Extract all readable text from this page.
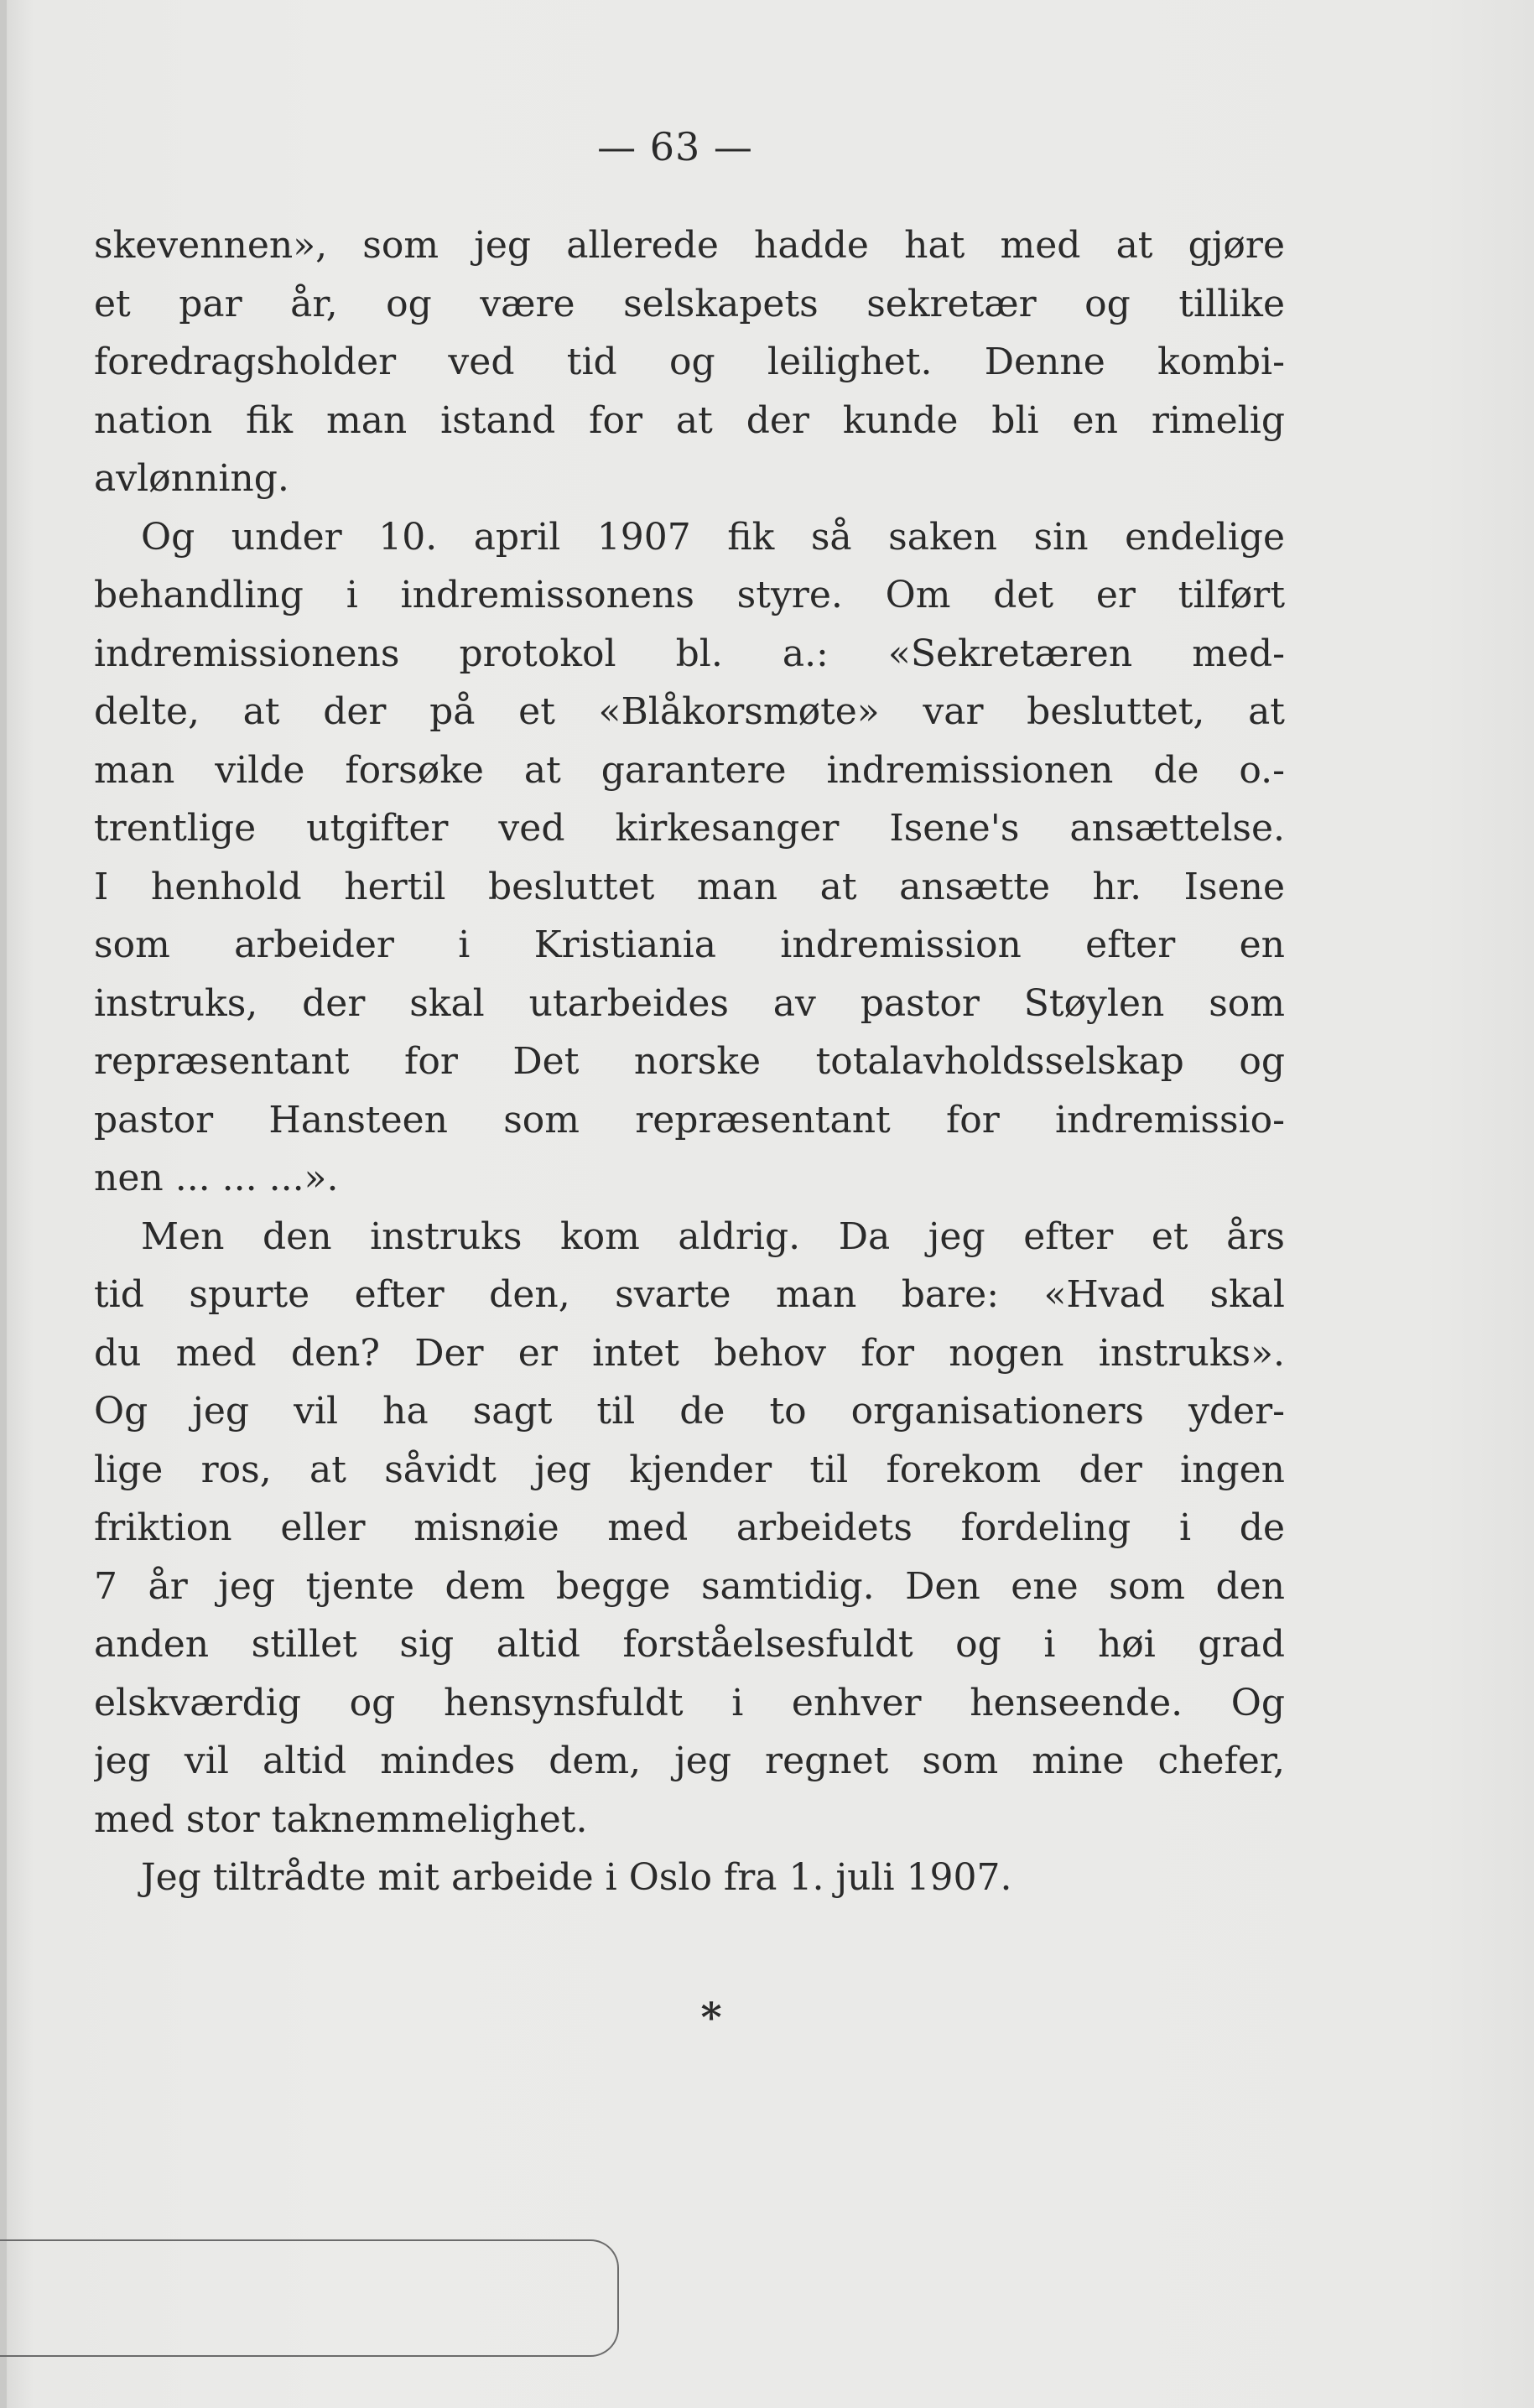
— 63 —
skevennen», som jeg allerede hadde hat med at gjøre
et par år, og være selskapets sekretær og tillike
foredragsholder ved tid og leilighet. Denne kombi-
nation fik man istand for at der kunde bli en rimelig
avlønning.
Og under 10. april 1907 fik så saken sin endelige
behandling i indremissonens styre. Om det er tilført
indremissionens protokol bl. a.: «Sekretæren med-
delte, at der på et «Blåkorsmøte» var besluttet, at
man vilde forsøke at garantere indremissionen de o.-
trentlige utgifter ved kirkesanger Isene's ansættelse.
I henhold hertil besluttet man at ansætte hr. Isene
som arbeider i Kristiania indremission efter en
instruks, der skal utarbeides av pastor Støylen som
repræsentant for Det norske totalavholdsselskap og
pastor Hansteen som repræsentant for indremissio-
nen ... ... ...».
Men den instruks kom aldrig. Da jeg efter et års
tid spurte efter den, svarte man bare: «Hvad skal
du med den? Der er intet behov for nogen instruks».
Og jeg vil ha sagt til de to organisationers yder-
lige ros, at såvidt jeg kjender til forekom der ingen
friktion eller misnøie med arbeidets fordeling i de
7 år jeg tjente dem begge samtidig. Den ene som den
anden stillet sig altid forståelsesfuldt og i høi grad
elskværdig og hensynsfuldt i enhver henseende. Og
jeg vil altid mindes dem, jeg regnet som mine chefer,
med stor taknemmelighet.
Jeg tiltrådte mit arbeide i Oslo fra 1. juli 1907.
*
